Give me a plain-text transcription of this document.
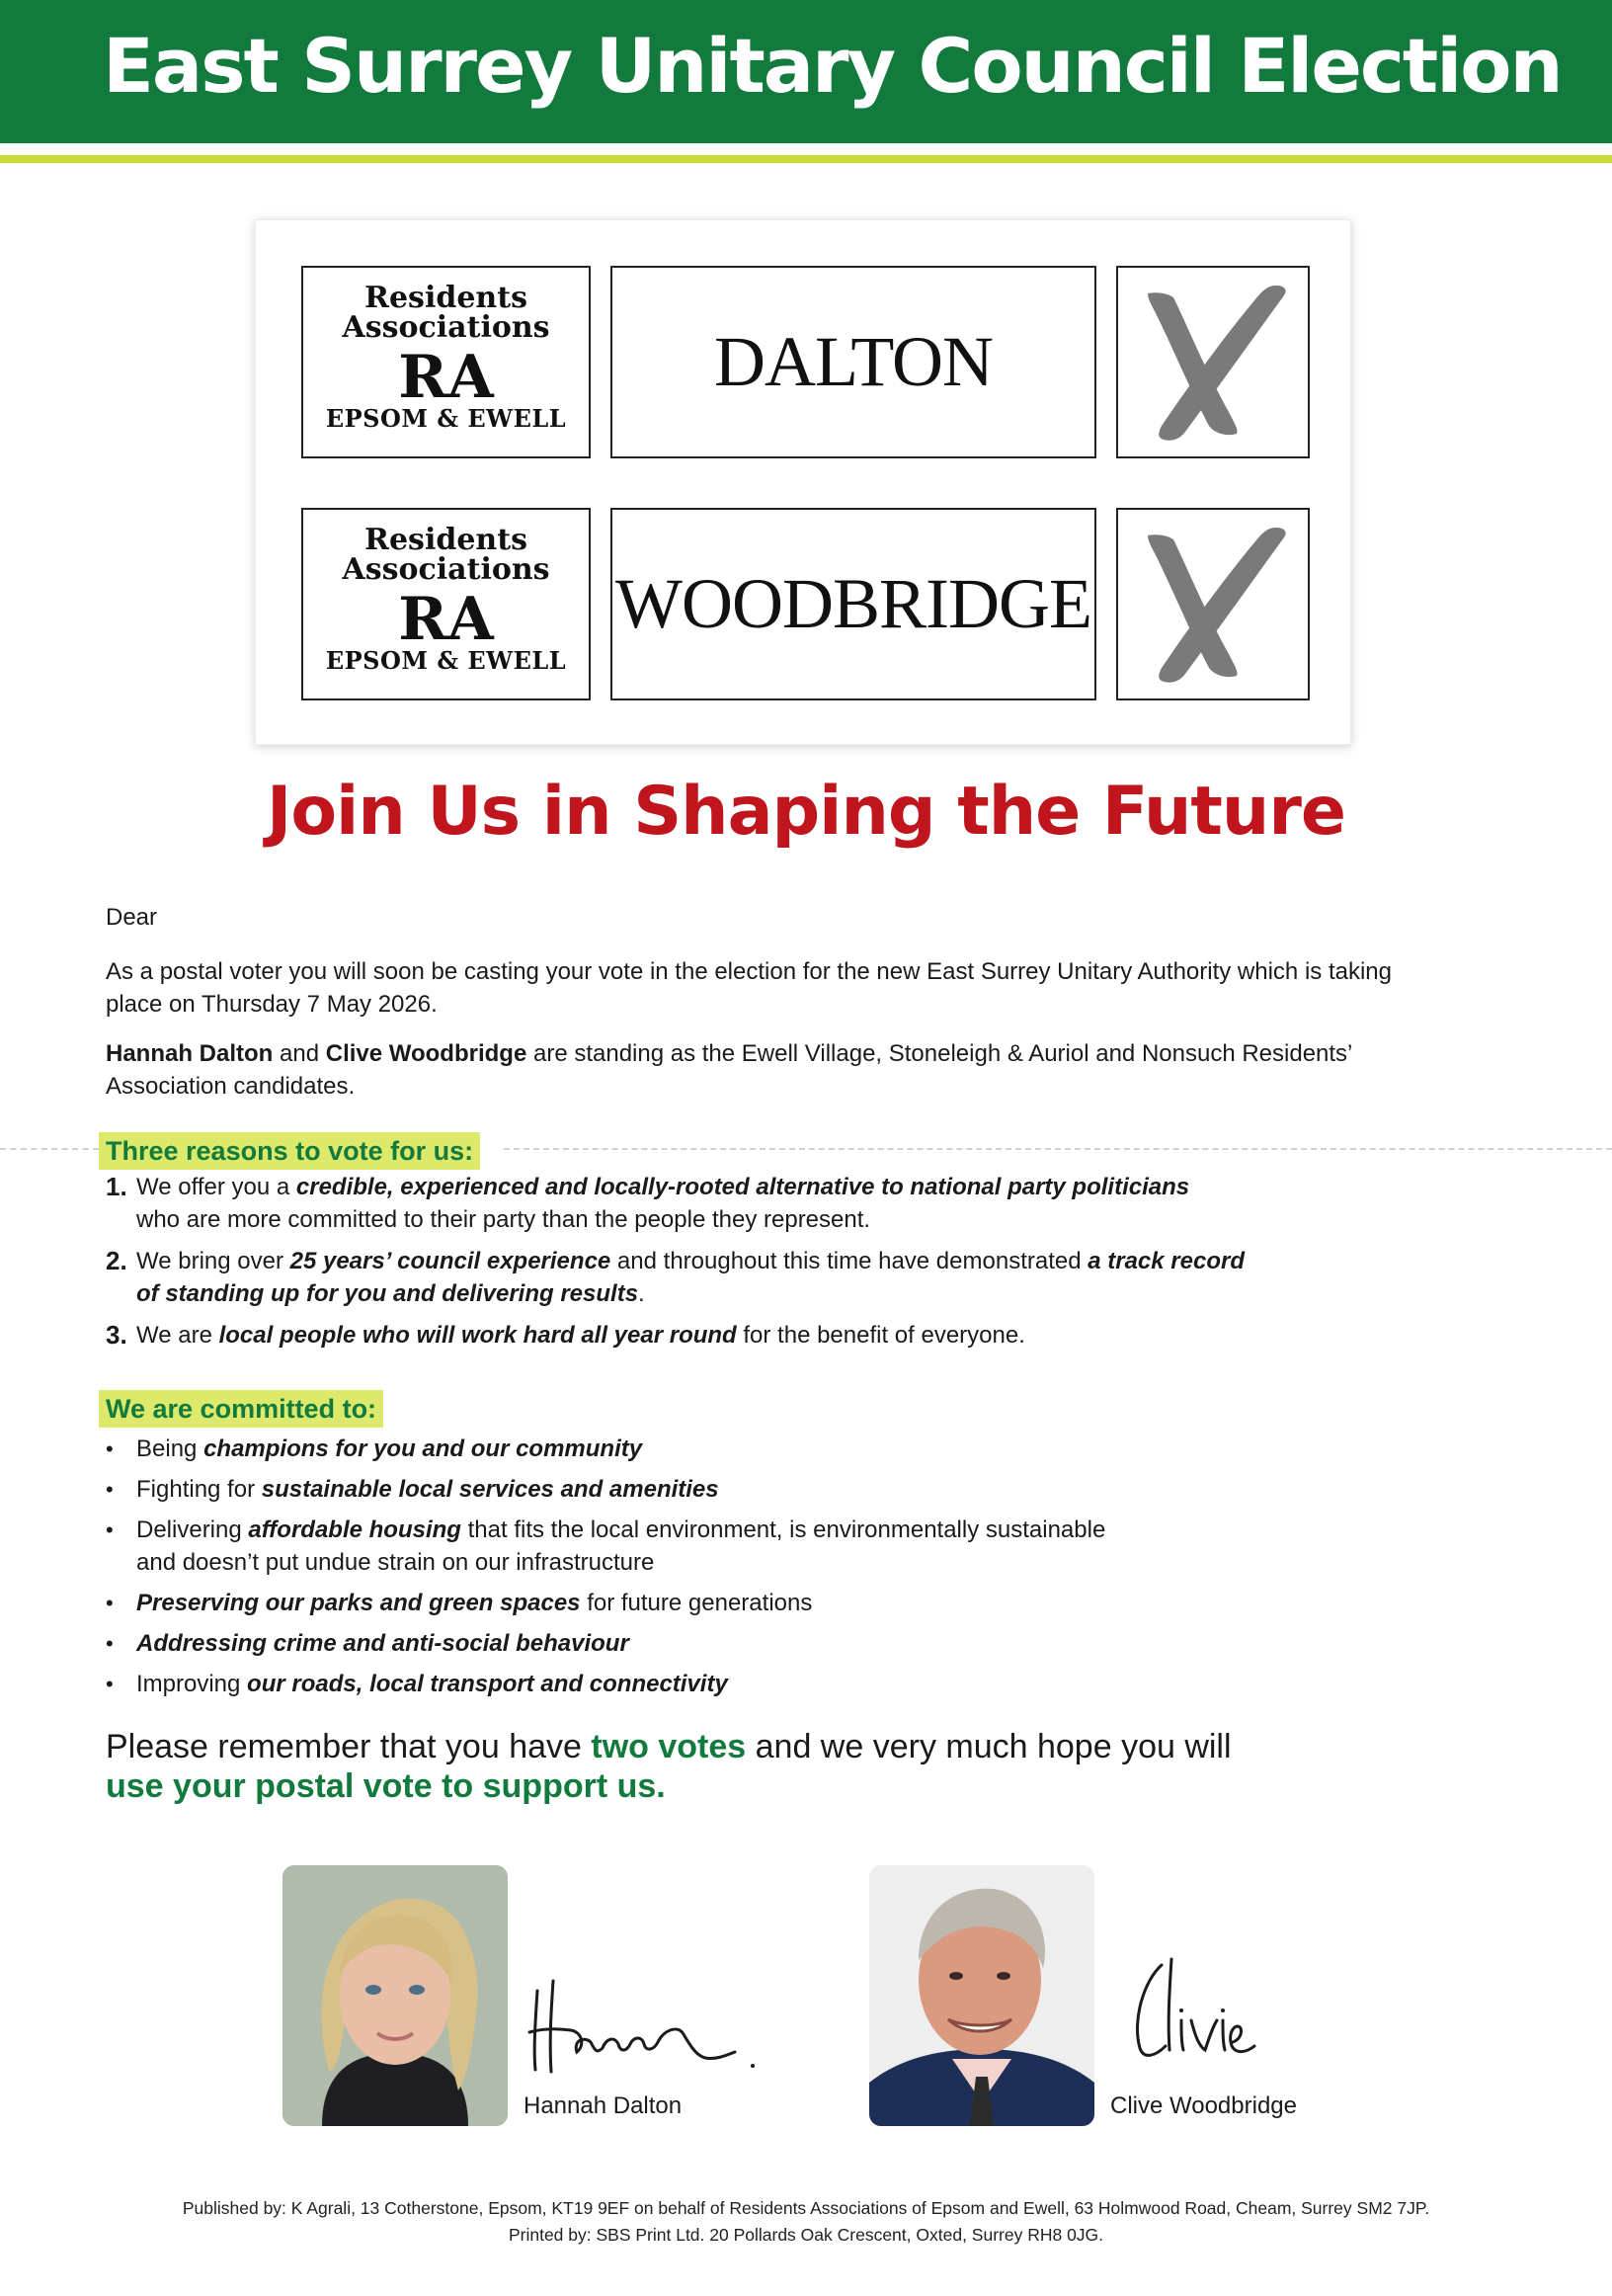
East Surrey Unitary Council Election
Residents
Associations
RA
EPSOM & EWELL
DALTON
Residents
Associations
RA
EPSOM & EWELL
WOODBRIDGE
Join Us in Shaping the Future
Dear
As a postal voter you will soon be casting your vote in the election for the new East Surrey Unitary Authority which is taking
place on Thursday 7 May 2026.
Hannah Dalton and Clive Woodbridge are standing as the Ewell Village, Stoneleigh & Auriol and Nonsuch Residents’
Association candidates.
Three reasons to vote for us:
1. We offer you a credible, experienced and locally-rooted alternative to national party politicians
who are more committed to their party than the people they represent.
2. We bring over 25 years’ council experience and throughout this time have demonstrated a track record
of standing up for you and delivering results.
3. We are local people who will work hard all year round for the benefit of everyone.
We are committed to:
• Being champions for you and our community
• Fighting for sustainable local services and amenities
• Delivering affordable housing that fits the local environment, is environmentally sustainable
and doesn’t put undue strain on our infrastructure
• Preserving our parks and green spaces for future generations
• Addressing crime and anti-social behaviour
• Improving our roads, local transport and connectivity
Please remember that you have two votes and we very much hope you will
use your postal vote to support us.
Hannah Dalton	Clive Woodbridge
Published by: K Agrali, 13 Cotherstone, Epsom, KT19 9EF on behalf of Residents Associations of Epsom and Ewell, 63 Holmwood Road, Cheam, Surrey SM2 7JP.
Printed by: SBS Print Ltd. 20 Pollards Oak Crescent, Oxted, Surrey RH8 0JG.
